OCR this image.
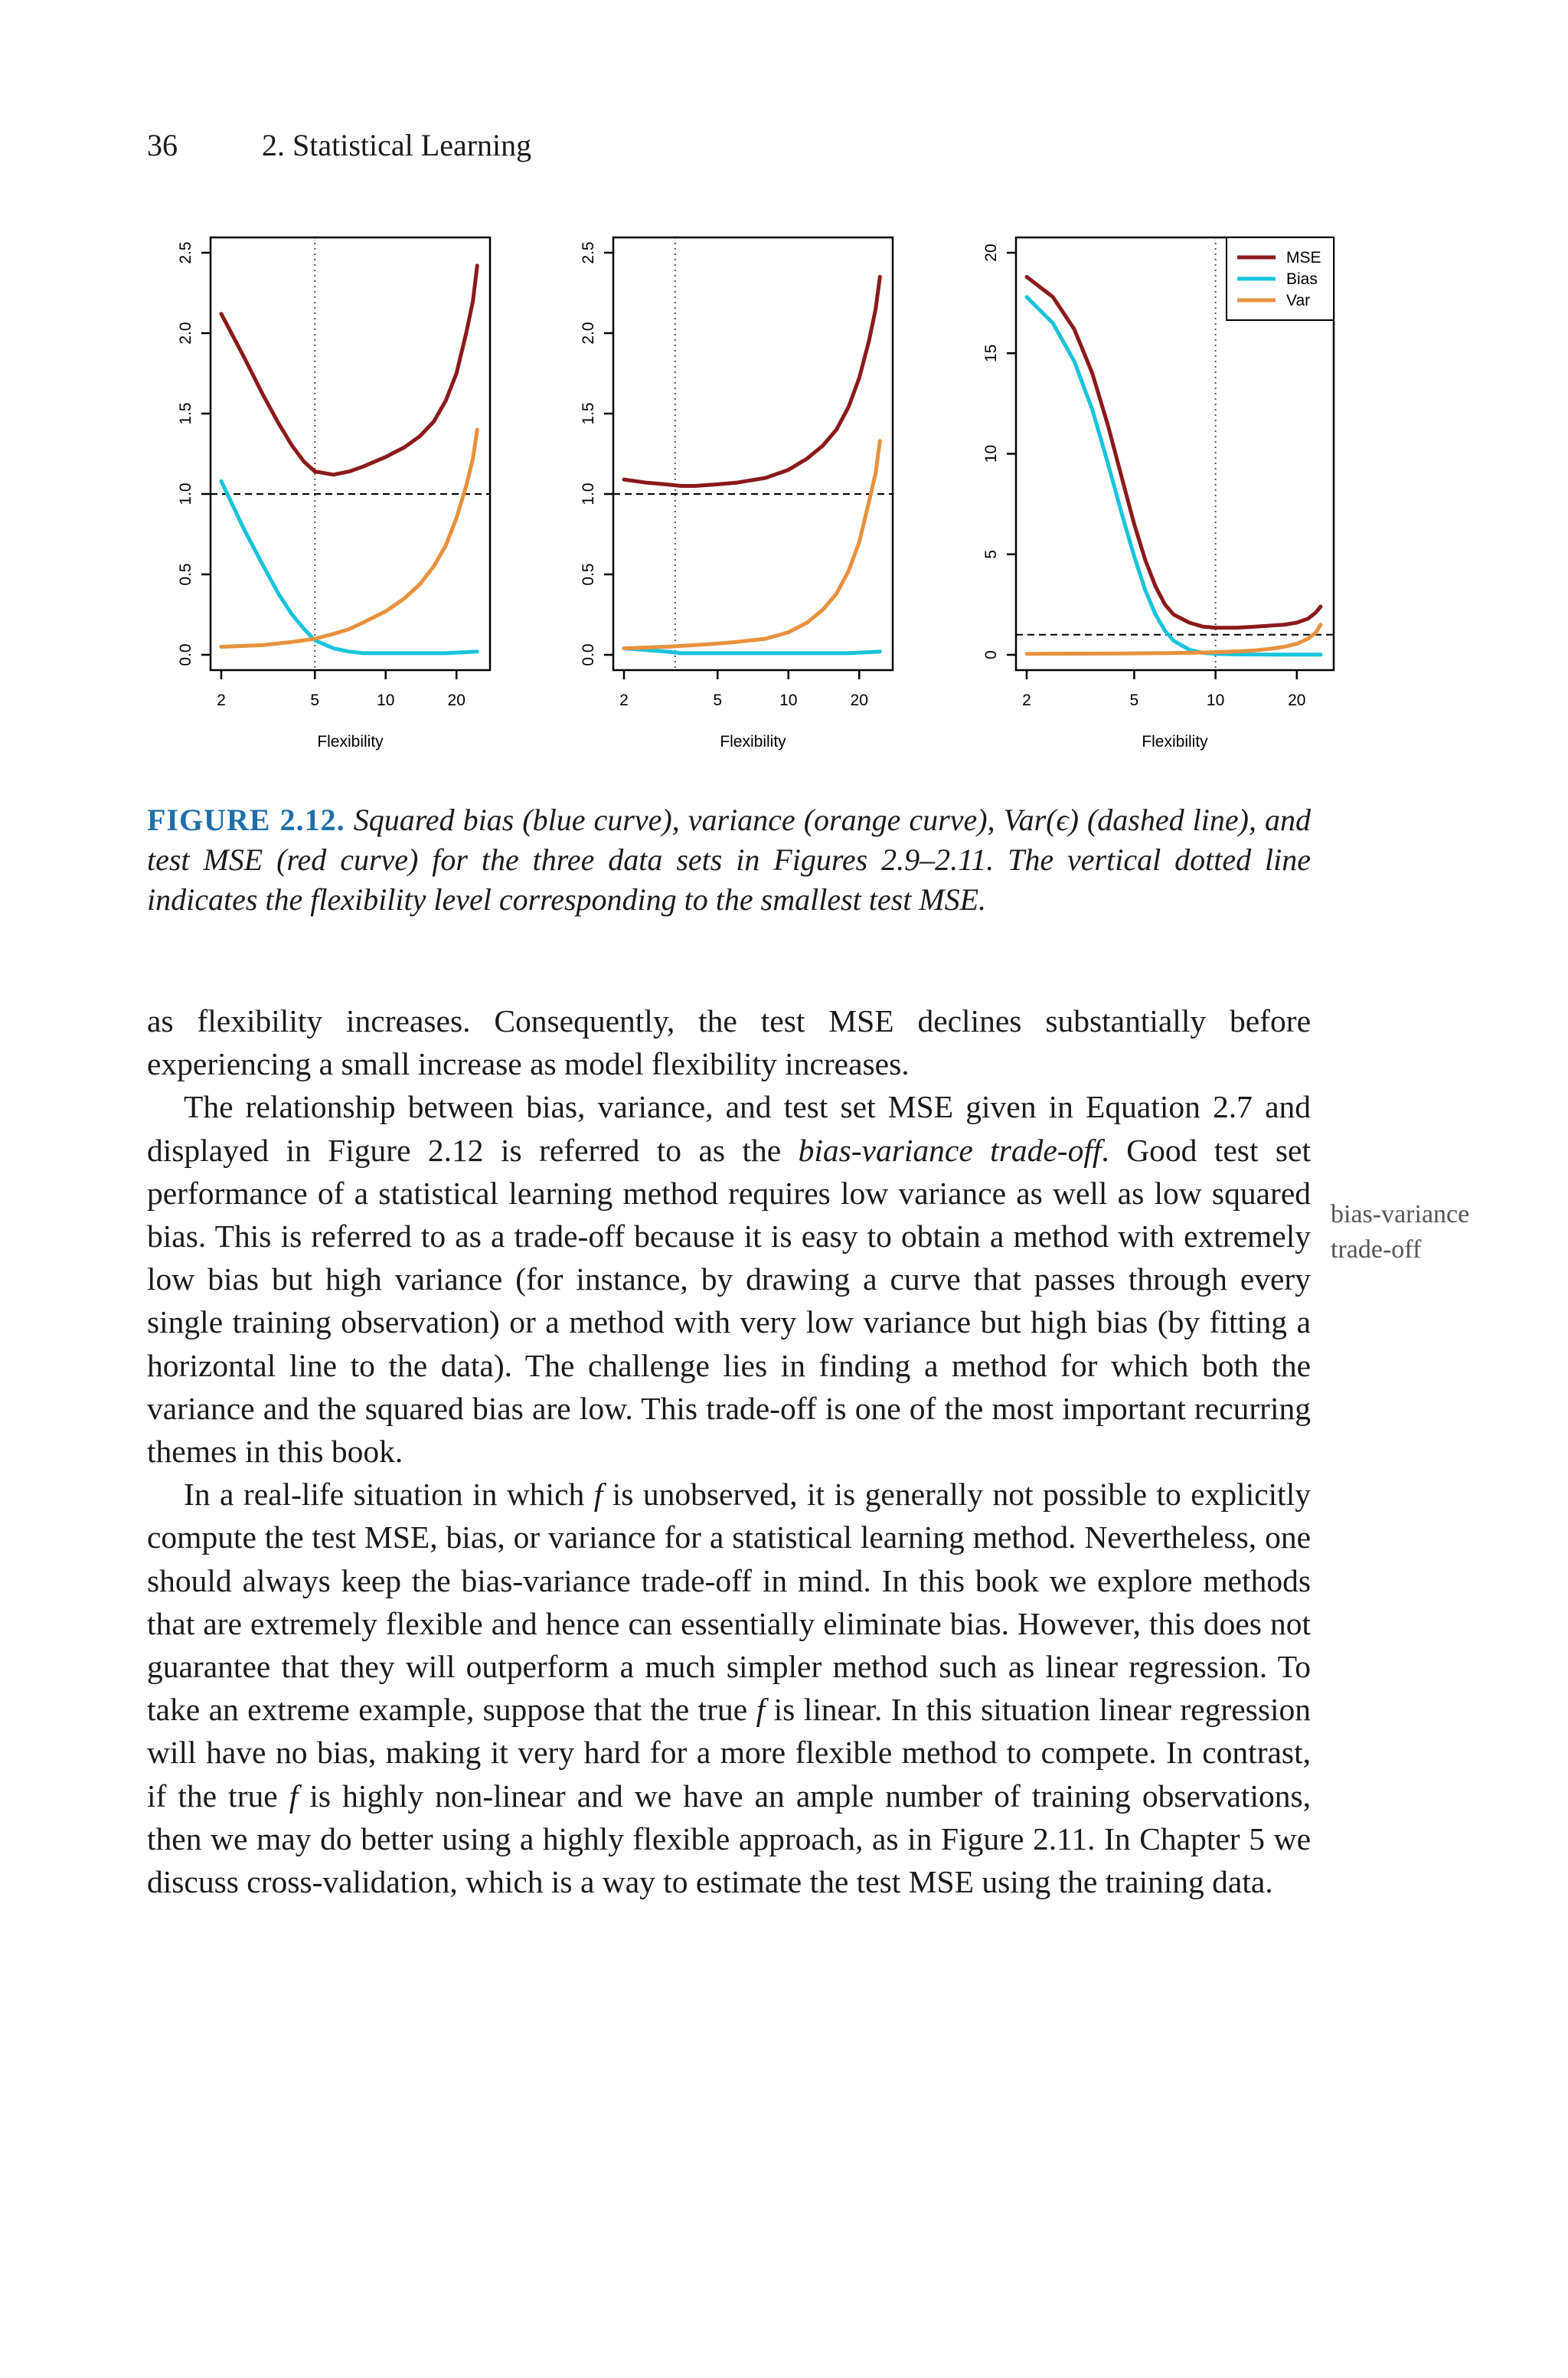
36	2. Statistical Learning
0.0
0.5
1.0
1.5
2.0
2.5
2	5	10	20
Flexibility
0.0
0.5
1.0
1.5
2.0
2.5
2	5	10	20
Flexibility
0
5
10
15
20
2	5	10	20
Flexibility
MSE
Bias
Var
FIGURE 2.12. Squared bias (blue curve), variance (orange curve), Var(ϵ) (dashed line), and test MSE (red curve) for the three data sets in Figures 2.9–2.11. The vertical dotted line indicates the flexibility level corresponding to the smallest test MSE.

as flexibility increases. Consequently, the test MSE declines substantially before experiencing a small increase as model flexibility increases.

The relationship between bias, variance, and test set MSE given in Equation 2.7 and displayed in Figure 2.12 is referred to as the bias-variance trade-off. Good test set performance of a statistical learning method requires low variance as well as low squared bias. This is referred to as a trade-off because it is easy to obtain a method with extremely low bias but high variance (for instance, by drawing a curve that passes through every single training observation) or a method with very low variance but high bias (by fitting a horizontal line to the data). The challenge lies in finding a method for which both the variance and the squared bias are low. This trade-off is one of the most important recurring themes in this book.

In a real-life situation in which f is unobserved, it is generally not possible to explicitly compute the test MSE, bias, or variance for a statistical learning method. Nevertheless, one should always keep the bias-variance trade-off in mind. In this book we explore methods that are extremely flexible and hence can essentially eliminate bias. However, this does not guarantee that they will outperform a much simpler method such as linear regression. To take an extreme example, suppose that the true f is linear. In this situation linear regression will have no bias, making it very hard for a more flexible method to compete. In contrast, if the true f is highly non-linear and we have an ample number of training observations, then we may do better using a highly flexible approach, as in Figure 2.11. In Chapter 5 we discuss cross-validation, which is a way to estimate the test MSE using the training data.

bias-variance
trade-off
